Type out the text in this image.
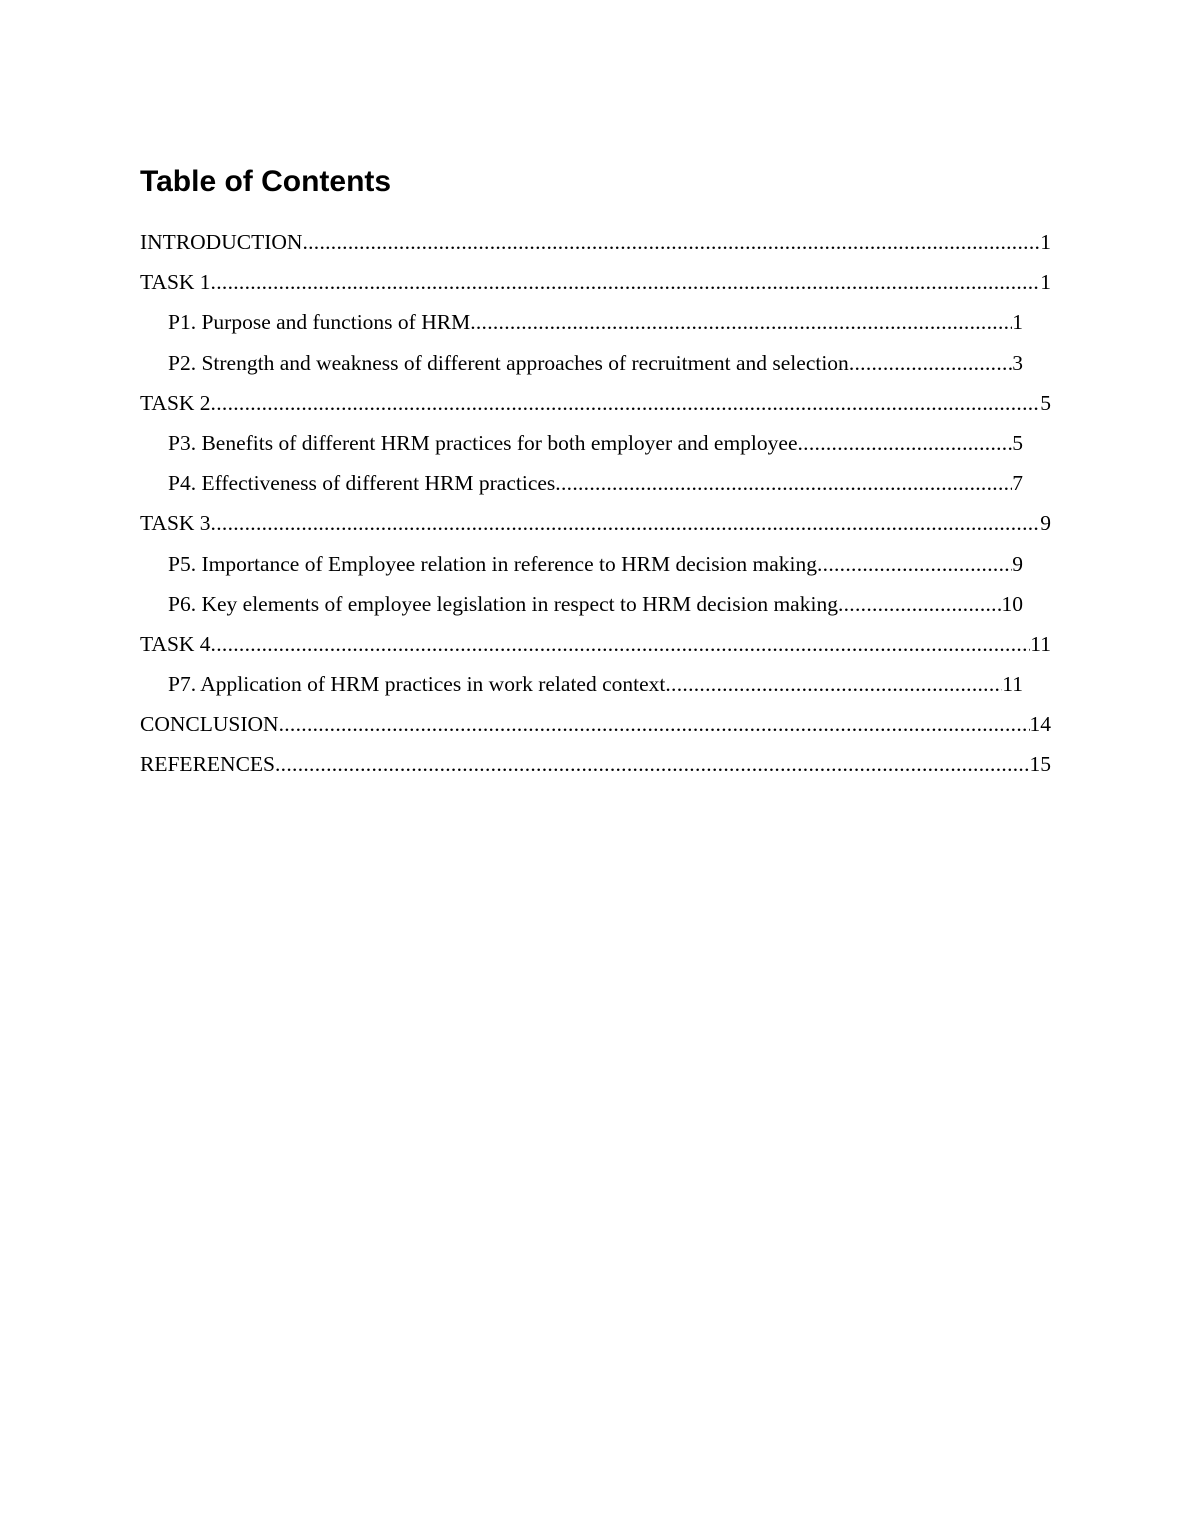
Table of Contents
INTRODUCTION .....	1
TASK 1 .....	1
P1. Purpose and functions of HRM .....	1
P2. Strength and weakness of different approaches of recruitment and selection .....	3
TASK 2 .....	5
P3. Benefits of different HRM practices for both employer and employee .....	5
P4. Effectiveness of different HRM practices .....	7
TASK 3 .....	9
P5. Importance of Employee relation in reference to HRM decision making .....	9
P6. Key elements of employee legislation in respect to HRM decision making .....	10
TASK 4 .....	11
P7. Application of HRM practices in work related context .....	11
CONCLUSION .....	14
REFERENCES .....	15
